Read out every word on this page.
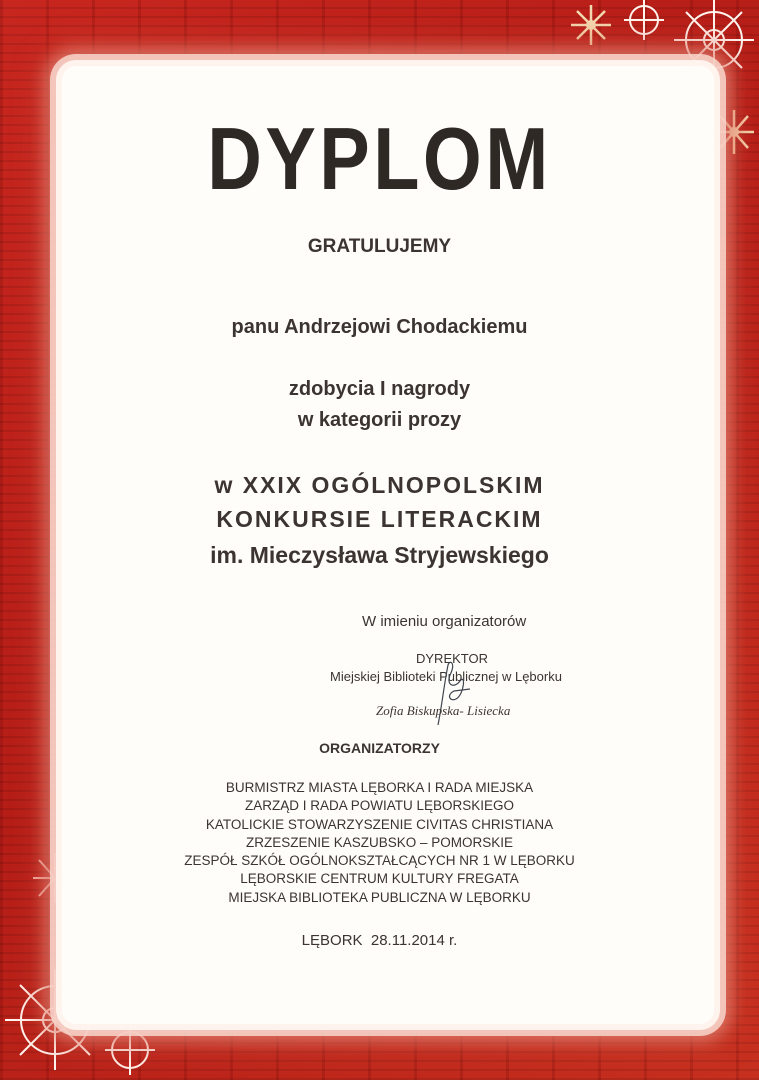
DYPLOM
GRATULUJEMY
panu Andrzejowi Chodackiemu
zdobycia I nagrody
w kategorii prozy
w XXIX OGÓLNOPOLSKIM
KONKURSIE LITERACKIM
im. Mieczysława Stryjewskiego
W imieniu organizatorów
DYREKTOR
Miejskiej Biblioteki Publicznej w Lęborku
Zofia Biskupska- Lisiecka
ORGANIZATORZY
BURMISTRZ MIASTA LĘBORKA I RADA MIEJSKA
ZARZĄD I RADA POWIATU LĘBORSKIEGO
KATOLICKIE STOWARZYSZENIE CIVITAS CHRISTIANA
ZRZESZENIE KASZUBSKO – POMORSKIE
ZESPÓŁ SZKÓŁ OGÓLNOKSZTAŁCĄCYCH NR 1 W LĘBORKU
LĘBORSKIE CENTRUM KULTURY FREGATA
MIEJSKA BIBLIOTEKA PUBLICZNA W LĘBORKU
LĘBORK  28.11.2014 r.
